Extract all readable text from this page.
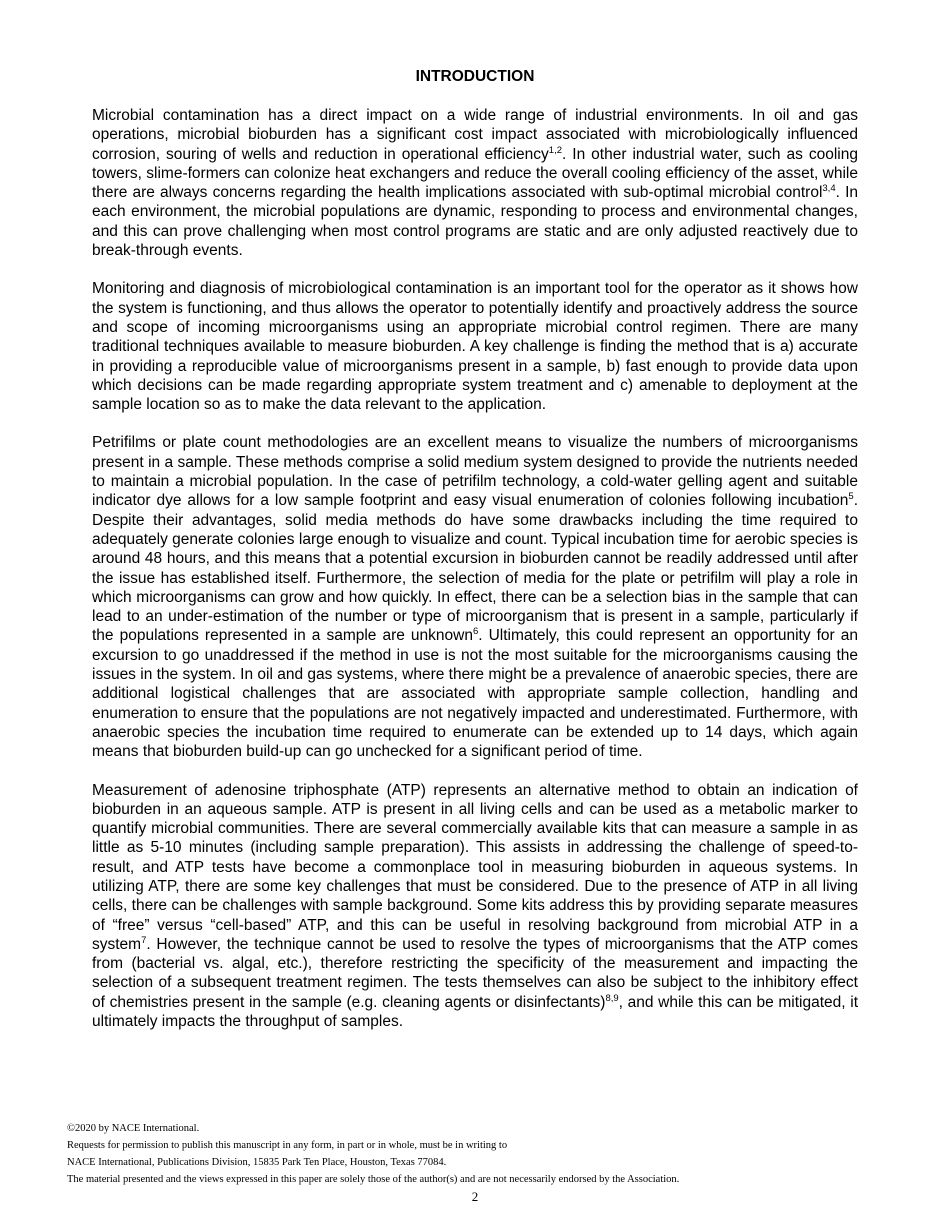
INTRODUCTION

Microbial contamination has a direct impact on a wide range of industrial environments. In oil and gas operations, microbial bioburden has a significant cost impact associated with microbiologically influenced corrosion, souring of wells and reduction in operational efficiency$^{1,2}$. In other industrial water, such as cooling towers, slime-formers can colonize heat exchangers and reduce the overall cooling efficiency of the asset, while there are always concerns regarding the health implications associated with sub-optimal microbial control$^{3,4}$. In each environment, the microbial populations are dynamic, responding to process and environmental changes, and this can prove challenging when most control programs are static and are only adjusted reactively due to break-through events.

Monitoring and diagnosis of microbiological contamination is an important tool for the operator as it shows how the system is functioning, and thus allows the operator to potentially identify and proactively address the source and scope of incoming microorganisms using an appropriate microbial control regimen. There are many traditional techniques available to measure bioburden. A key challenge is finding the method that is a) accurate in providing a reproducible value of microorganisms present in a sample, b) fast enough to provide data upon which decisions can be made regarding appropriate system treatment and c) amenable to deployment at the sample location so as to make the data relevant to the application.

Petrifilms or plate count methodologies are an excellent means to visualize the numbers of microorganisms present in a sample. These methods comprise a solid medium system designed to provide the nutrients needed to maintain a microbial population. In the case of petrifilm technology, a cold-water gelling agent and suitable indicator dye allows for a low sample footprint and easy visual enumeration of colonies following incubation$^5$. Despite their advantages, solid media methods do have some drawbacks including the time required to adequately generate colonies large enough to visualize and count. Typical incubation time for aerobic species is around 48 hours, and this means that a potential excursion in bioburden cannot be readily addressed until after the issue has established itself. Furthermore, the selection of media for the plate or petrifilm will play a role in which microorganisms can grow and how quickly. In effect, there can be a selection bias in the sample that can lead to an under-estimation of the number or type of microorganism that is present in a sample, particularly if the populations represented in a sample are unknown$^6$. Ultimately, this could represent an opportunity for an excursion to go unaddressed if the method in use is not the most suitable for the microorganisms causing the issues in the system. In oil and gas systems, where there might be a prevalence of anaerobic species, there are additional logistical challenges that are associated with appropriate sample collection, handling and enumeration to ensure that the populations are not negatively impacted and underestimated. Furthermore, with anaerobic species the incubation time required to enumerate can be extended up to 14 days, which again means that bioburden build-up can go unchecked for a significant period of time.

Measurement of adenosine triphosphate (ATP) represents an alternative method to obtain an indication of bioburden in an aqueous sample. ATP is present in all living cells and can be used as a metabolic marker to quantify microbial communities. There are several commercially available kits that can measure a sample in as little as 5-10 minutes (including sample preparation). This assists in addressing the challenge of speed-to-result, and ATP tests have become a commonplace tool in measuring bioburden in aqueous systems. In utilizing ATP, there are some key challenges that must be considered. Due to the presence of ATP in all living cells, there can be challenges with sample background. Some kits address this by providing separate measures of “free” versus “cell-based” ATP, and this can be useful in resolving background from microbial ATP in a system$^7$. However, the technique cannot be used to resolve the types of microorganisms that the ATP comes from (bacterial vs. algal, etc.), therefore restricting the specificity of the measurement and impacting the selection of a subsequent treatment regimen. The tests themselves can also be subject to the inhibitory effect of chemistries present in the sample (e.g. cleaning agents or disinfectants)$^{8,9}$, and while this can be mitigated, it ultimately impacts the throughput of samples.

©2020 by NACE International.
Requests for permission to publish this manuscript in any form, in part or in whole, must be in writing to
NACE International, Publications Division, 15835 Park Ten Place, Houston, Texas 77084.
The material presented and the views expressed in this paper are solely those of the author(s) and are not necessarily endorsed by the Association.
2
